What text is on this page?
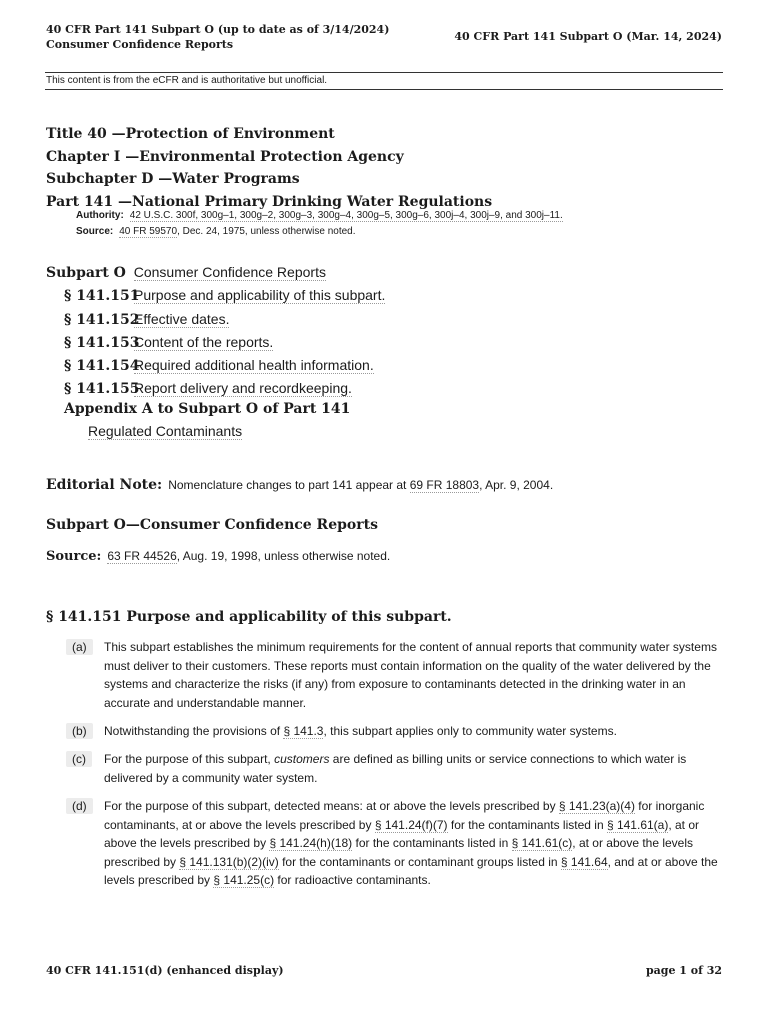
40 CFR Part 141 Subpart O (up to date as of 3/14/2024)
Consumer Confidence Reports
40 CFR Part 141 Subpart O (Mar. 14, 2024)
This content is from the eCFR and is authoritative but unofficial.
Title 40 —Protection of Environment
Chapter I —Environmental Protection Agency
Subchapter D —Water Programs
Part 141 —National Primary Drinking Water Regulations
Authority: 42 U.S.C. 300f, 300g–1, 300g–2, 300g–3, 300g–4, 300g–5, 300g–6, 300j–4, 300j–9, and 300j–11.
Source: 40 FR 59570, Dec. 24, 1975, unless otherwise noted.
Subpart O Consumer Confidence Reports
§ 141.151Purpose and applicability of this subpart.
§ 141.152Effective dates.
§ 141.153Content of the reports.
§ 141.154Required additional health information.
§ 141.155Report delivery and recordkeeping.
Appendix A to Subpart O of Part 141
Regulated Contaminants
Editorial Note: Nomenclature changes to part 141 appear at 69 FR 18803, Apr. 9, 2004.
Subpart O—Consumer Confidence Reports
Source: 63 FR 44526, Aug. 19, 1998, unless otherwise noted.
§ 141.151 Purpose and applicability of this subpart.
(a)	This subpart establishes the minimum requirements for the content of annual reports that community water systems must deliver to their customers. These reports must contain information on the quality of the water delivered by the systems and characterize the risks (if any) from exposure to contaminants detected in the drinking water in an accurate and understandable manner.
(b)	Notwithstanding the provisions of § 141.3, this subpart applies only to community water systems.
(c)	For the purpose of this subpart, customers are defined as billing units or service connections to which water is delivered by a community water system.
(d)	For the purpose of this subpart, detected means: at or above the levels prescribed by § 141.23(a)(4) for inorganic contaminants, at or above the levels prescribed by § 141.24(f)(7) for the contaminants listed in § 141.61(a), at or above the levels prescribed by § 141.24(h)(18) for the contaminants listed in § 141.61(c), at or above the levels prescribed by § 141.131(b)(2)(iv) for the contaminants or contaminant groups listed in § 141.64, and at or above the levels prescribed by § 141.25(c) for radioactive contaminants.
40 CFR 141.151(d) (enhanced display)	page 1 of 32
